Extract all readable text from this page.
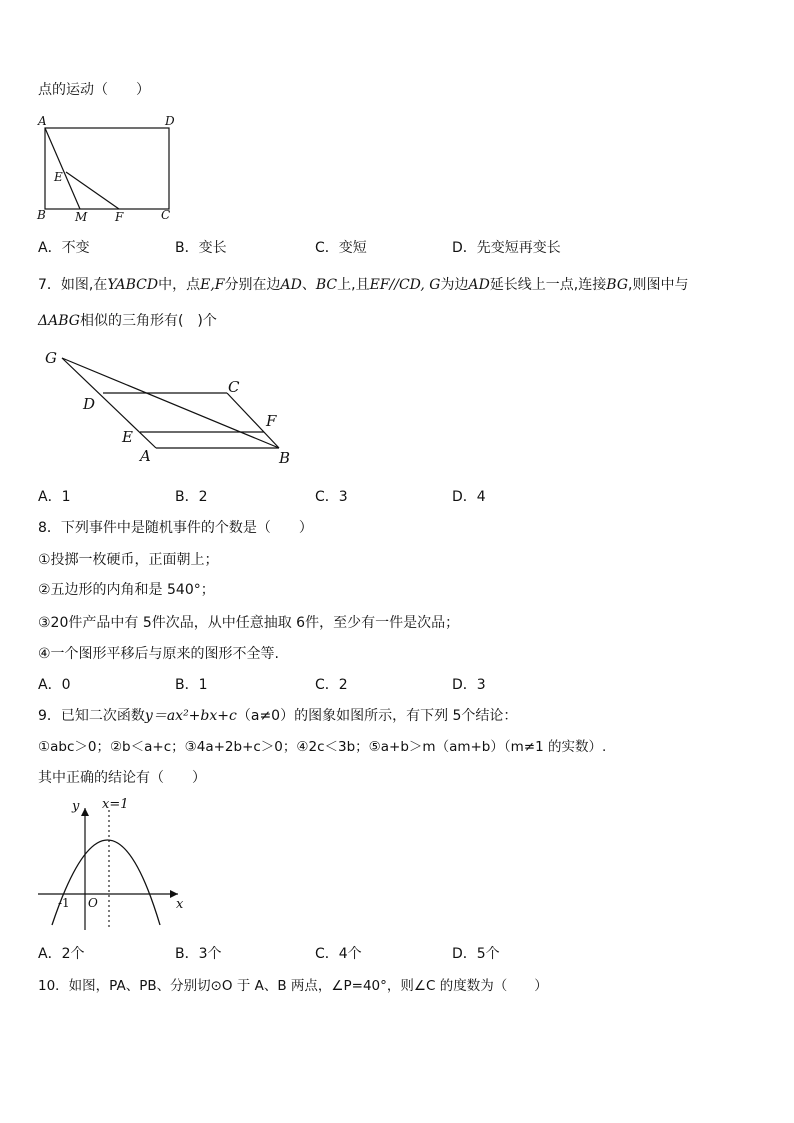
点的运动（　　）
A	D
E
B M F	C
A．不变	B．变长	C．变短	D．先变短再变长
7．如图,在YABCD中，点E,F分别在边AD、BC上,且EF//CD, G为边AD延长线上一点,连接BG,则图中与
ΔABG相似的三角形有(　)个
G
C
D
F
E
A	B
A．1	B．2	C．3	D．4
8．下列事件中是随机事件的个数是（　　）
①投掷一枚硬币，正面朝上；
②五边形的内角和是 540°；
③20件产品中有 5件次品，从中任意抽取 6件，至少有一件是次品；
④一个图形平移后与原来的图形不全等.
A．0	B．1	C．2	D．3
9．已知二次函数y＝ax²+bx+c（a≠0）的图象如图所示，有下列 5个结论：
①abc＞0；②b＜a+c；③4a+2b+c＞0；④2c＜3b；⑤a+b＞m（am+b）（m≠1 的实数）.
其中正确的结论有（　　）
y x=1
x
-1 O
A．2个	B．3个	C．4个	D．5个
10．如图，PA、PB、分别切⊙O 于 A、B 两点，∠P=40°，则∠C 的度数为（　　）
